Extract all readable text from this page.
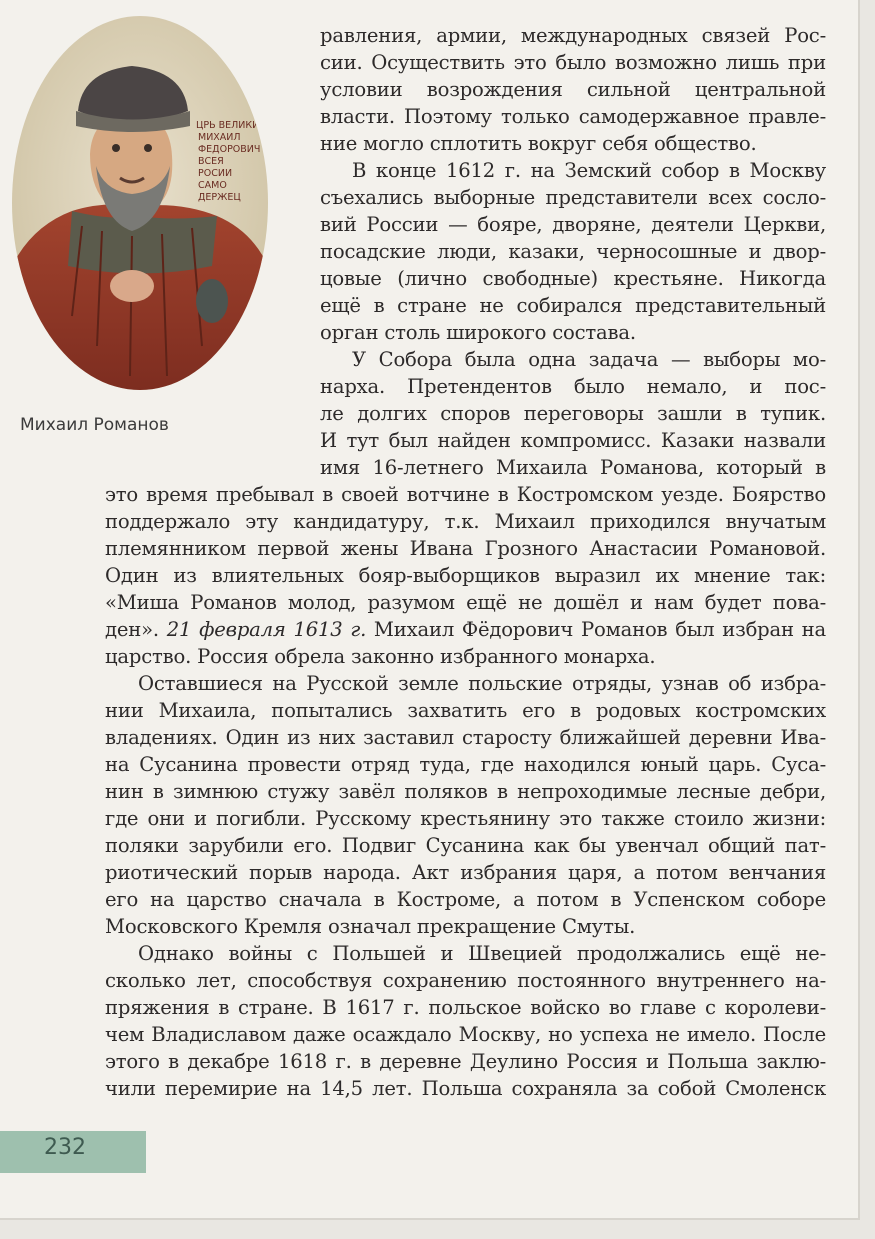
ЦРЬ ВЕЛИКИЙ
МИХАИЛ
ФЕДОРОВИЧ
ВСЕЯ
РОСИИ
САМО
ДЕРЖЕЦ
Михаил Романов
равления, армии, международных связей Рос-
сии. Осуществить это было возможно лишь при
условии возрождения сильной центральной
власти. Поэтому только самодержавное правле-
ние могло сплотить вокруг себя общество.
В конце 1612 г. на Земский собор в Москву
съехались выборные представители всех сосло-
вий России — бояре, дворяне, деятели Церкви,
посадские люди, казаки, черносошные и двор-
цовые (лично свободные) крестьяне. Никогда
ещё в стране не собирался представительный
орган столь широкого состава.
У Собора была одна задача — выборы мо-
нарха. Претендентов было немало, и пос-
ле долгих споров переговоры зашли в тупик.
И тут был найден компромисс. Казаки назвали
имя 16-летнего Михаила Романова, который в
это время пребывал в своей вотчине в Костромском уезде. Боярство
поддержало эту кандидатуру, т.к. Михаил приходился внучатым
племянником первой жены Ивана Грозного Анастасии Романовой.
Один из влиятельных бояр-выборщиков выразил их мнение так:
«Миша Романов молод, разумом ещё не дошёл и нам будет пова-
ден». 21 февраля 1613 г. Михаил Фёдорович Романов был избран на
царство. Россия обрела законно избранного монарха.
Оставшиеся на Русской земле польские отряды, узнав об избра-
нии Михаила, попытались захватить его в родовых костромских
владениях. Один из них заставил старосту ближайшей деревни Ива-
на Сусанина провести отряд туда, где находился юный царь. Суса-
нин в зимнюю стужу завёл поляков в непроходимые лесные дебри,
где они и погибли. Русскому крестьянину это также стоило жизни:
поляки зарубили его. Подвиг Сусанина как бы увенчал общий пат-
риотический порыв народа. Акт избрания царя, а потом венчания
его на царство сначала в Костроме, а потом в Успенском соборе
Московского Кремля означал прекращение Смуты.
Однако войны с Польшей и Швецией продолжались ещё не-
сколько лет, способствуя сохранению постоянного внутреннего на-
пряжения в стране. В 1617 г. польское войско во главе с королеви-
чем Владиславом даже осаждало Москву, но успеха не имело. После
этого в декабре 1618 г. в деревне Деулино Россия и Польша заклю-
чили перемирие на 14,5 лет. Польша сохраняла за собой Смоленск
232
